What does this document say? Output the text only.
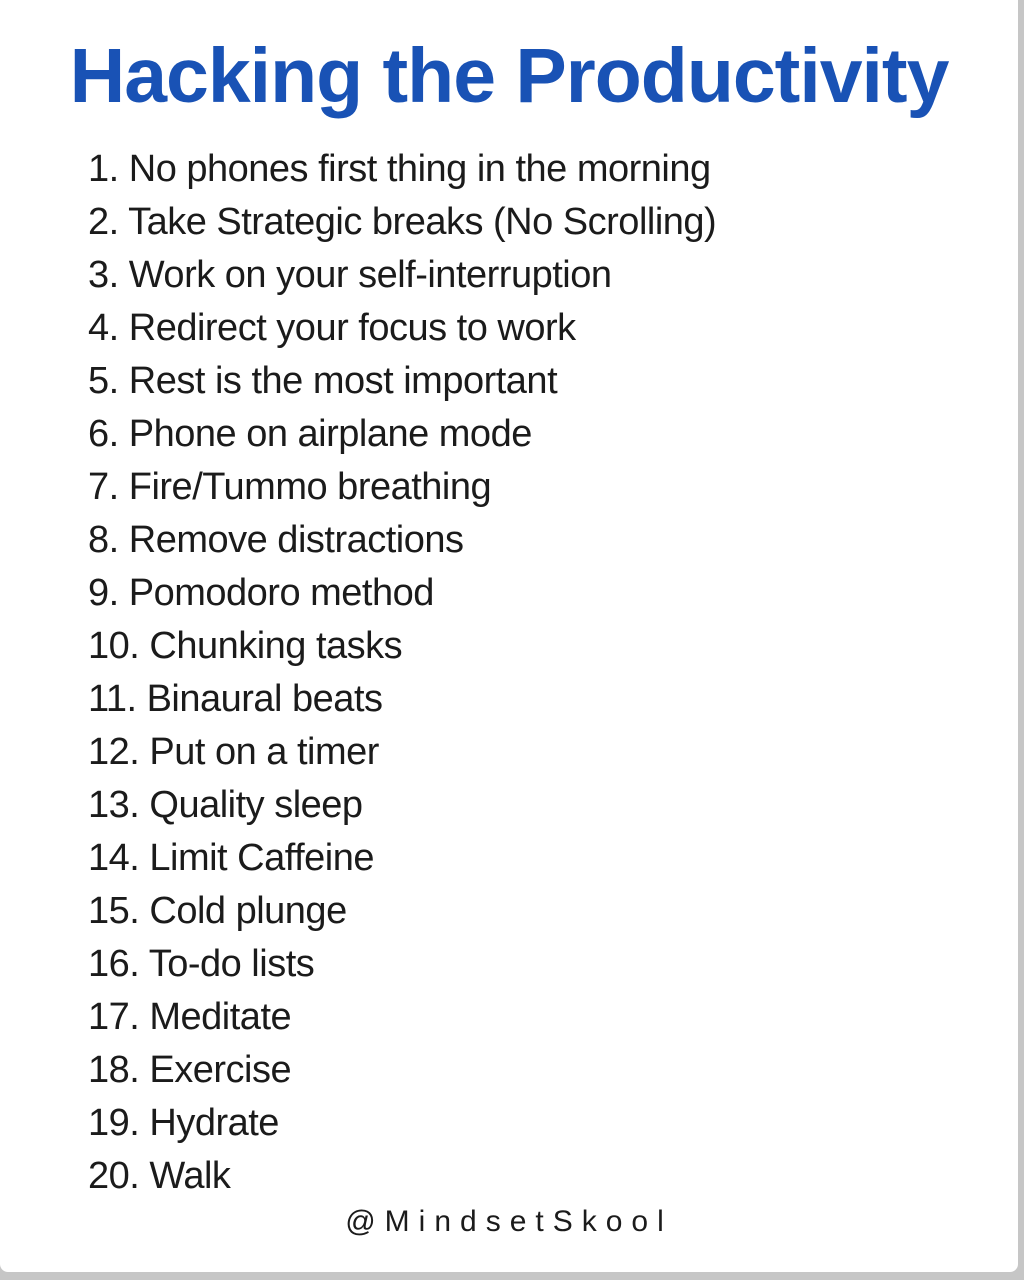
Hacking the Productivity
1. No phones first thing in the morning
2. Take Strategic breaks (No Scrolling)
3. Work on your self-interruption
4. Redirect your focus to work
5. Rest is the most important
6. Phone on airplane mode
7. Fire/Tummo breathing
8. Remove distractions
9. Pomodoro method
10. Chunking tasks
11. Binaural beats
12. Put on a timer
13. Quality sleep
14. Limit Caffeine
15. Cold plunge
16. To-do lists
17. Meditate
18. Exercise
19. Hydrate
20. Walk
@MindsetSkool
